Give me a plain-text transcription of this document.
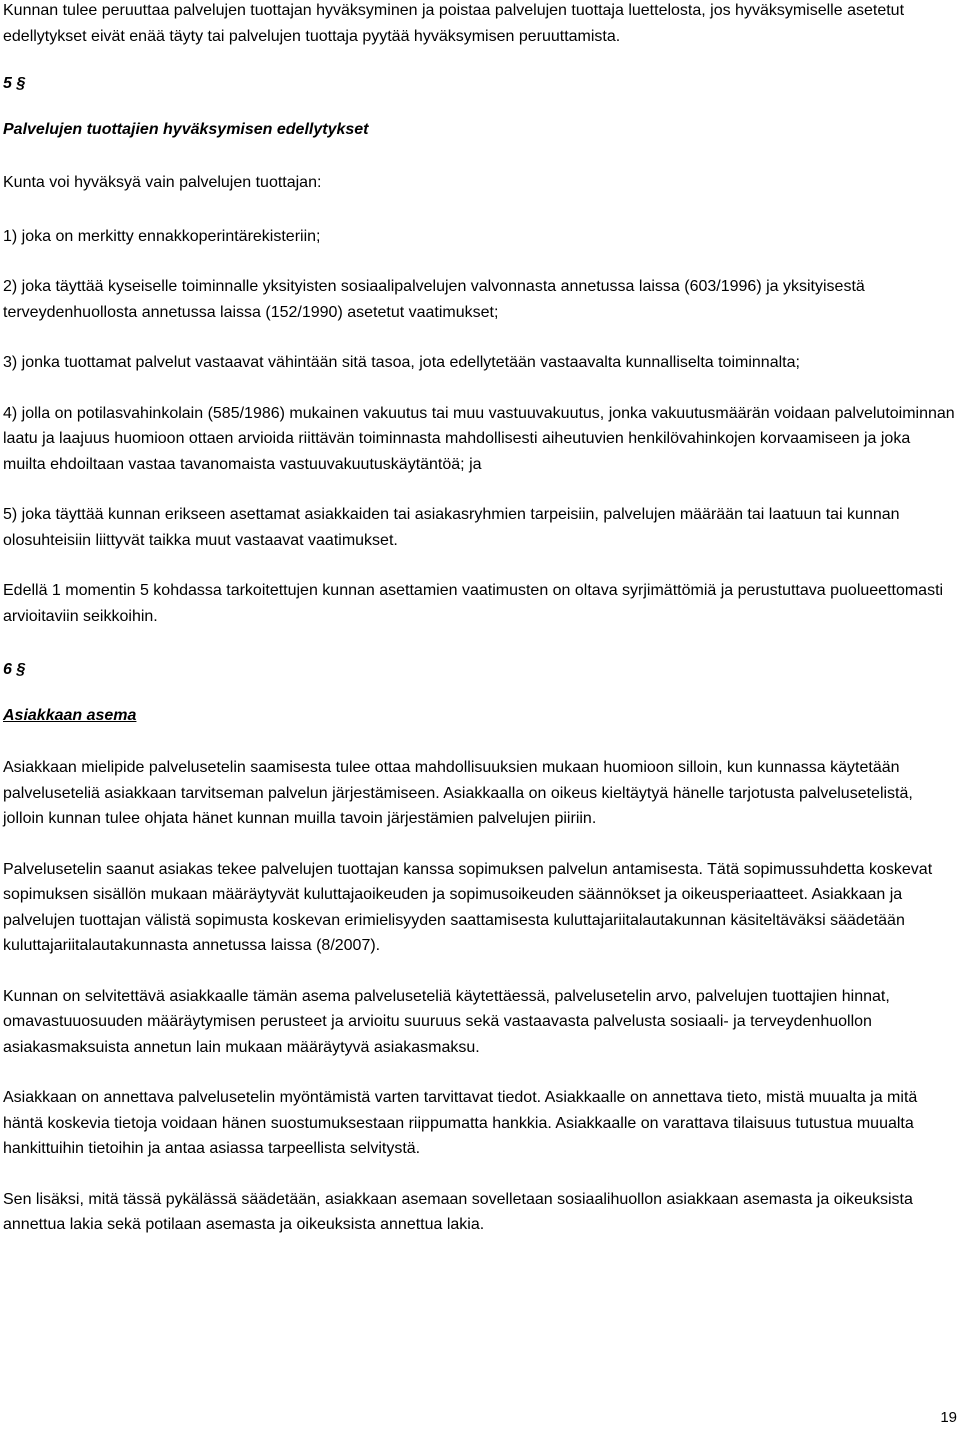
Kunnan tulee peruuttaa palvelujen tuottajan hyväksyminen ja poistaa palvelujen tuottaja luettelosta, jos hyväksymiselle asetetut edellytykset eivät enää täyty tai palvelujen tuottaja pyytää hyväksymisen peruuttamista.

5 §

Palvelujen tuottajien hyväksymisen edellytykset

Kunta voi hyväksyä vain palvelujen tuottajan:

1) joka on merkitty ennakkoperintärekisteriin;

2) joka täyttää kyseiselle toiminnalle yksityisten sosiaalipalvelujen valvonnasta annetussa laissa (603/1996) ja yksityisestä terveydenhuollosta annetussa laissa (152/1990) asetetut vaatimukset;

3) jonka tuottamat palvelut vastaavat vähintään sitä tasoa, jota edellytetään vastaavalta kunnalliselta toiminnalta;

4) jolla on potilasvahinkolain (585/1986) mukainen vakuutus tai muu vastuuvakuutus, jonka vakuutusmäärän voidaan palvelutoiminnan laatu ja laajuus huomioon ottaen arvioida riittävän toiminnasta mahdollisesti aiheutuvien henkilövahinkojen korvaamiseen ja joka muilta ehdoiltaan vastaa tavanomaista vastuuvakuutuskäytäntöä; ja

5) joka täyttää kunnan erikseen asettamat asiakkaiden tai asiakasryhmien tarpeisiin, palvelujen määrään tai laatuun tai kunnan olosuhteisiin liittyvät taikka muut vastaavat vaatimukset.

Edellä 1 momentin 5 kohdassa tarkoitettujen kunnan asettamien vaatimusten on oltava syrjimättömiä ja perustuttava puolueettomasti arvioitaviin seikkoihin.

6 §

Asiakkaan asema

Asiakkaan mielipide palvelusetelin saamisesta tulee ottaa mahdollisuuksien mukaan huomioon silloin, kun kunnassa käytetään palveluseteliä asiakkaan tarvitseman palvelun järjestämiseen. Asiakkaalla on oikeus kieltäytyä hänelle tarjotusta palvelusetelistä, jolloin kunnan tulee ohjata hänet kunnan muilla tavoin järjestämien palvelujen piiriin.

Palvelusetelin saanut asiakas tekee palvelujen tuottajan kanssa sopimuksen palvelun antamisesta. Tätä sopimussuhdetta koskevat sopimuksen sisällön mukaan määräytyvät kuluttajaoikeuden ja sopimusoikeuden säännökset ja oikeusperiaatteet. Asiakkaan ja palvelujen tuottajan välistä sopimusta koskevan erimielisyyden saattamisesta kuluttajariitalautakunnan käsiteltäväksi säädetään kuluttajariitalautakunnasta annetussa laissa (8/2007).

Kunnan on selvitettävä asiakkaalle tämän asema palveluseteliä käytettäessä, palvelusetelin arvo, palvelujen tuottajien hinnat, omavastuuosuuden määräytymisen perusteet ja arvioitu suuruus sekä vastaavasta palvelusta sosiaali- ja terveydenhuollon asiakasmaksuista annetun lain mukaan määräytyvä asiakasmaksu.

Asiakkaan on annettava palvelusetelin myöntämistä varten tarvittavat tiedot. Asiakkaalle on annettava tieto, mistä muualta ja mitä häntä koskevia tietoja voidaan hänen suostumuksestaan riippumatta hankkia. Asiakkaalle on varattava tilaisuus tutustua muualta hankittuihin tietoihin ja antaa asiassa tarpeellista selvitystä.

Sen lisäksi, mitä tässä pykälässä säädetään, asiakkaan asemaan sovelletaan sosiaalihuollon asiakkaan asemasta ja oikeuksista annettua lakia sekä potilaan asemasta ja oikeuksista annettua lakia.

19
